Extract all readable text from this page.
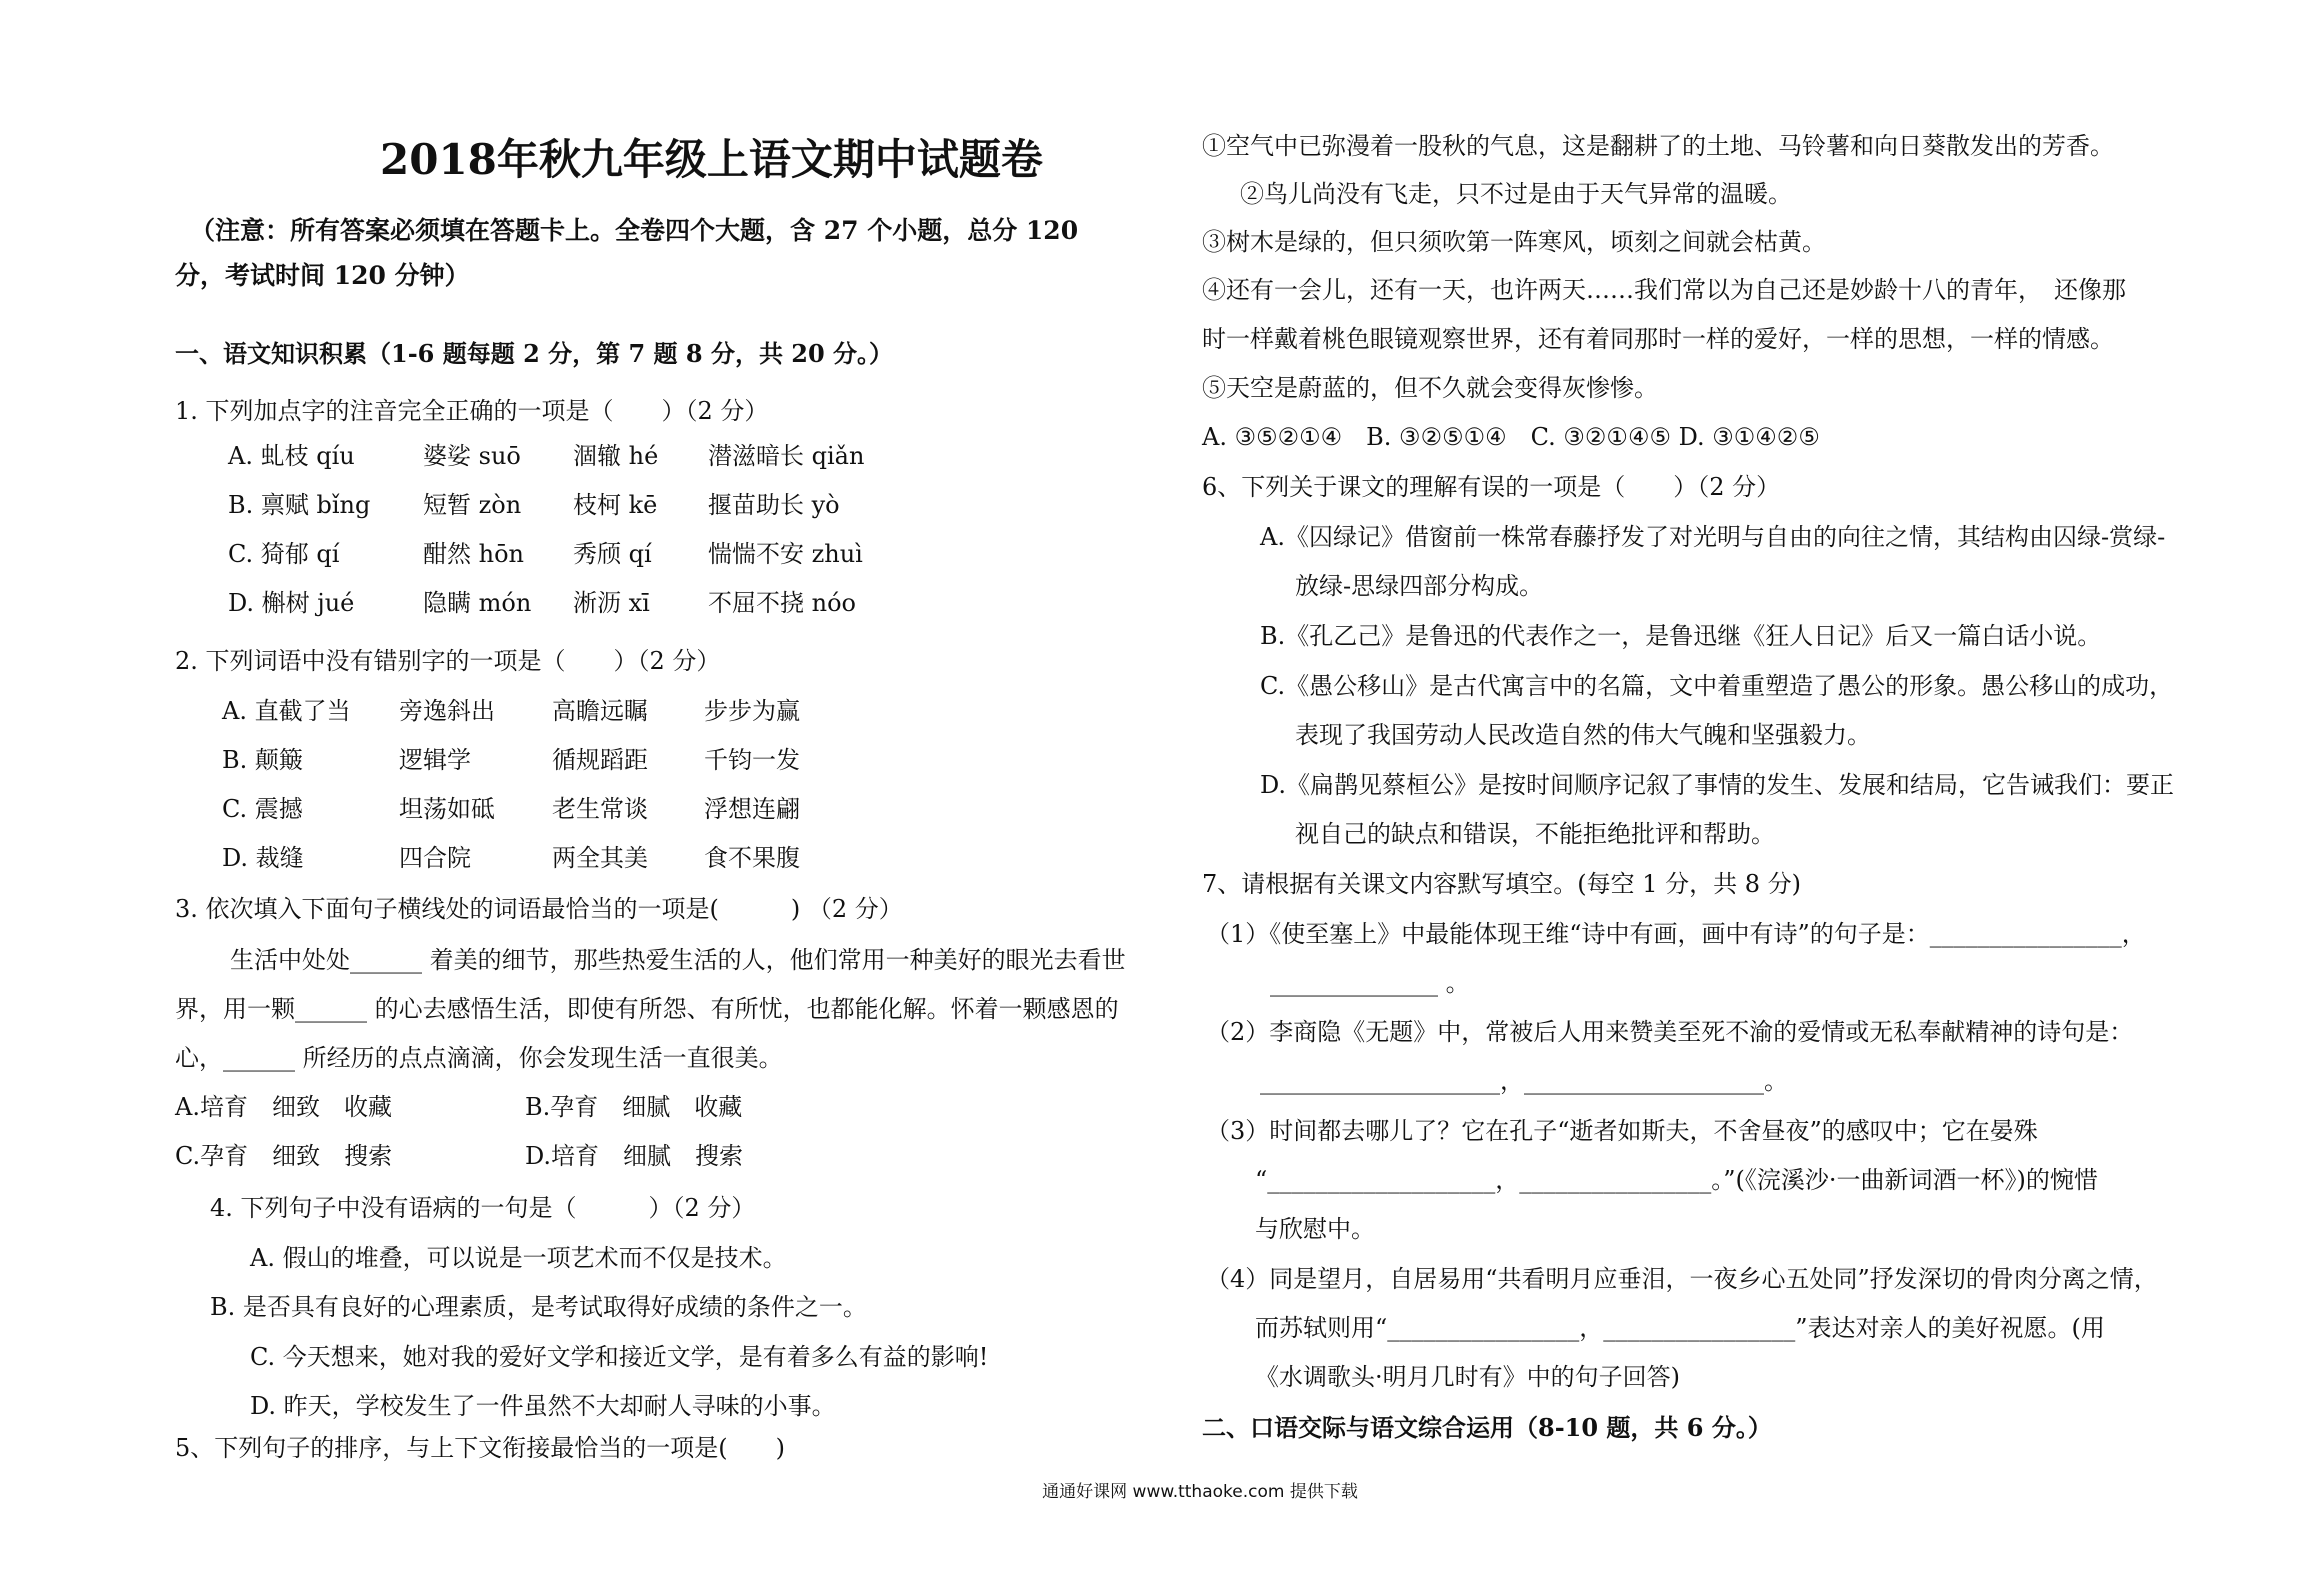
2018年秋九年级上语文期中试题卷
（注意：所有答案必须填在答题卡上。全卷四个大题，含 27 个小题，总分 120
分，考试时间 120 分钟）
一、语文知识积累（1-6 题每题 2 分，第 7 题 8 分，共 20 分。）
1. 下列加点字的注音完全正确的一项是（　　）（2 分）
A. 虬枝 qíu	婆娑 suō 涸辙 hé 潜滋暗长 qiǎn
B. 禀赋 bǐng 短暂 zòn 枝柯 kē 揠苗助长 yò
C. 猗郁 qí	酣然 hōn 秀颀 qí 惴惴不安 zhuì
D. 槲树 jué	隐瞒 món 淅沥 xī 不屈不挠 nóo
2. 下列词语中没有错别字的一项是（　　）（2 分）
A. 直截了当 旁逸斜出 高瞻远瞩 步步为赢
B. 颠簸	逻辑学	循规蹈距 千钧一发
C. 震撼	坦荡如砥 老生常谈 浮想连翩
D. 裁缝	四合院	两全其美 食不果腹
3. 依次填入下面句子横线处的词语最恰当的一项是(　　　) （2 分）
生活中处处______ 着美的细节，那些热爱生活的人，他们常用一种美好的眼光去看世
界，用一颗______ 的心去感悟生活，即使有所怨、有所忧，也都能化解。怀着一颗感恩的
心，______ 所经历的点点滴滴，你会发现生活一直很美。
A.培育　细致　收藏	B.孕育　细腻　收藏
C.孕育　细致　搜索	D.培育　细腻　搜索
4. 下列句子中没有语病的一句是（　　　）（2 分）
A. 假山的堆叠，可以说是一项艺术而不仅是技术。
B. 是否具有良好的心理素质，是考试取得好成绩的条件之一。
C. 今天想来，她对我的爱好文学和接近文学，是有着多么有益的影响!
D. 昨天，学校发生了一件虽然不大却耐人寻味的小事。
5、下列句子的排序，与上下文衔接最恰当的一项是(　　)
①空气中已弥漫着一股秋的气息，这是翻耕了的土地、马铃薯和向日葵散发出的芳香。
②鸟儿尚没有飞走，只不过是由于天气异常的温暖。
③树木是绿的，但只须吹第一阵寒风，顷刻之间就会枯黄。
④还有一会儿，还有一天，也许两天……我们常以为自己还是妙龄十八的青年，　还像那
时一样戴着桃色眼镜观察世界，还有着同那时一样的爱好，一样的思想，一样的情感。
⑤天空是蔚蓝的，但不久就会变得灰惨惨。
A. ③⑤②①④　B. ③②⑤①④　C. ③②①④⑤ D. ③①④②⑤
6、下列关于课文的理解有误的一项是（　　）（2 分）
A.《囚绿记》借窗前一株常春藤抒发了对光明与自由的向往之情，其结构由囚绿-赏绿-
放绿-思绿四部分构成。
B.《孔乙己》是鲁迅的代表作之一，是鲁迅继《狂人日记》后又一篇白话小说。
C.《愚公移山》是古代寓言中的名篇，文中着重塑造了愚公的形象。愚公移山的成功，
表现了我国劳动人民改造自然的伟大气魄和坚强毅力。
D.《扁鹊见蔡桓公》是按时间顺序记叙了事情的发生、发展和结局，它告诫我们：要正
视自己的缺点和错误，不能拒绝批评和帮助。
7、请根据有关课文内容默写填空。(每空 1 分，共 8 分)
（1）《使至塞上》中最能体现王维“诗中有画，画中有诗”的句子是：________________，
______________ 。
（2）李商隐《无题》中，常被后人用来赞美至死不渝的爱情或无私奉献精神的诗句是：
____________________，____________________。
（3）时间都去哪儿了？它在孔子“逝者如斯夫，不舍昼夜”的感叹中；它在晏殊
“___________________，________________。”(《浣溪沙·一曲新词酒一杯》)的惋惜
与欣慰中。
（4）同是望月，自居易用“共看明月应垂泪，一夜乡心五处同”抒发深切的骨肉分离之情，
而苏轼则用“________________，________________”表达对亲人的美好祝愿。(用
《水调歌头·明月几时有》中的句子回答)
二、口语交际与语文综合运用（8-10 题，共 6 分。）
通通好课网 www.tthaoke.com 提供下载
